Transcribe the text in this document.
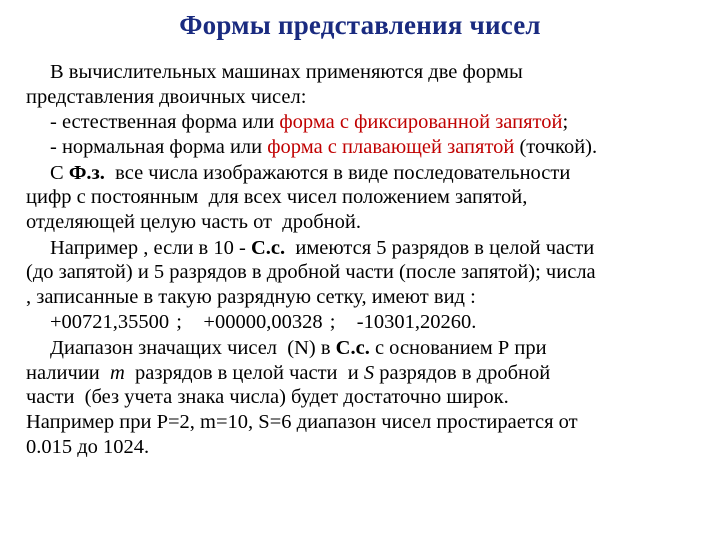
Формы представления чисел

В вычислительных машинах применяются две формы
представления двоичных чисел:

- естественная форма или форма с фиксированной запятой;

- нормальная форма или форма с плавающей запятой (точкой).

С Ф.з.  все числа изображаются в виде последовательности
цифр с постоянным  для всех чисел положением запятой,
отделяющей целую часть от  дробной.

Например , если в 10 - С.с.  имеются 5 разрядов в целой части
(до запятой) и 5 разрядов в дробной части (после запятой); числа
, записанные в такую разрядную сетку, имеют вид :

+00721,35500 ;   +00000,00328 ;   -10301,20260.

Диапазон значащих чисел  (N) в С.с. с основанием Р при
наличии  m  разрядов в целой части  и S разрядов в дробной
части  (без учета знака числа) будет достаточно широк.
Например при Р=2, m=10, S=6 диапазон чисел простирается от
0.015 до 1024.
